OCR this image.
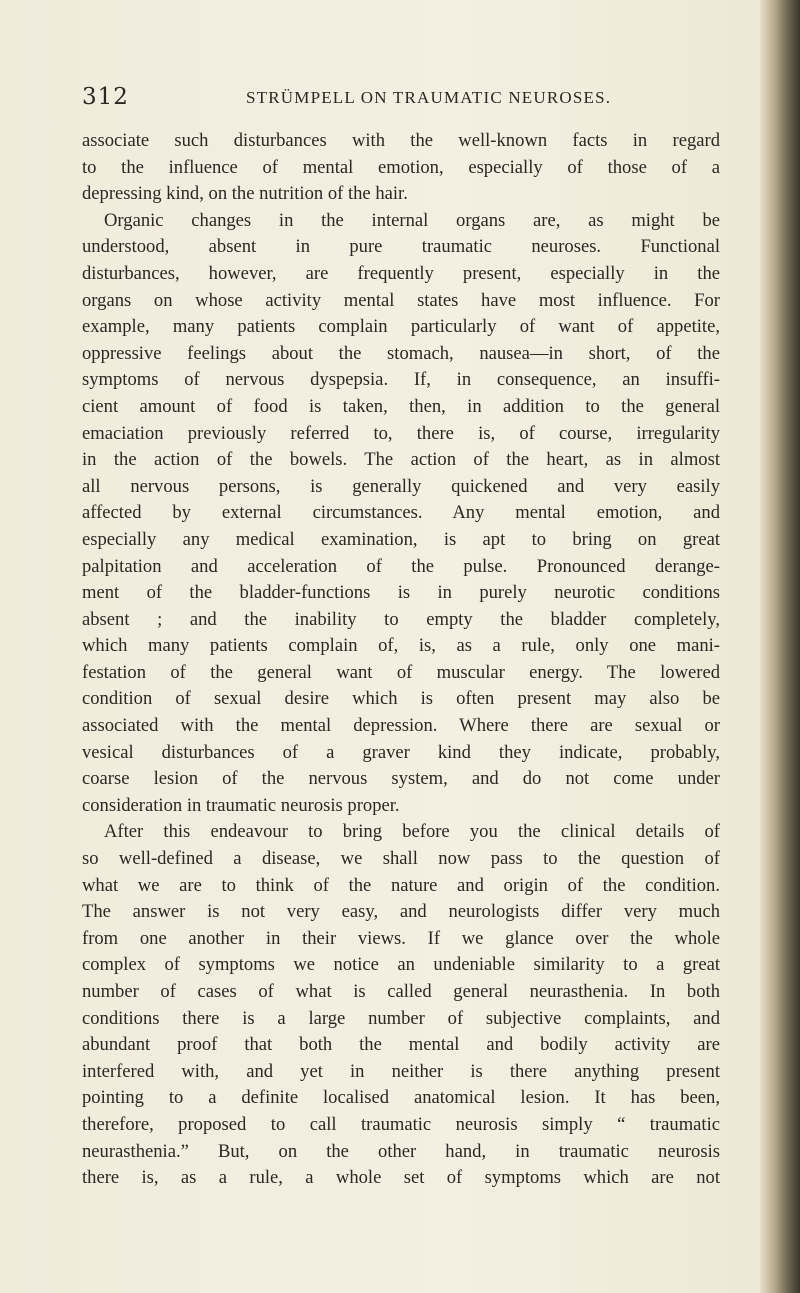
312	STRÜMPELL ON TRAUMATIC NEUROSES.
associate such disturbances with the well-known facts in regard
to the influence of mental emotion, especially of those of a
depressing kind, on the nutrition of the hair.
Organic changes in the internal organs are, as might be
understood, absent in pure traumatic neuroses. Functional
disturbances, however, are frequently present, especially in the
organs on whose activity mental states have most influence. For
example, many patients complain particularly of want of appetite,
oppressive feelings about the stomach, nausea—in short, of the
symptoms of nervous dyspepsia. If, in consequence, an insuffi-
cient amount of food is taken, then, in addition to the general
emaciation previously referred to, there is, of course, irregularity
in the action of the bowels. The action of the heart, as in almost
all nervous persons, is generally quickened and very easily
affected by external circumstances. Any mental emotion, and
especially any medical examination, is apt to bring on great
palpitation and acceleration of the pulse. Pronounced derange-
ment of the bladder-functions is in purely neurotic conditions
absent ; and the inability to empty the bladder completely,
which many patients complain of, is, as a rule, only one mani-
festation of the general want of muscular energy. The lowered
condition of sexual desire which is often present may also be
associated with the mental depression. Where there are sexual or
vesical disturbances of a graver kind they indicate, probably,
coarse lesion of the nervous system, and do not come under
consideration in traumatic neurosis proper.
After this endeavour to bring before you the clinical details of
so well-defined a disease, we shall now pass to the question of
what we are to think of the nature and origin of the condition.
The answer is not very easy, and neurologists differ very much
from one another in their views. If we glance over the whole
complex of symptoms we notice an undeniable similarity to a great
number of cases of what is called general neurasthenia. In both
conditions there is a large number of subjective complaints, and
abundant proof that both the mental and bodily activity are
interfered with, and yet in neither is there anything present
pointing to a definite localised anatomical lesion. It has been,
therefore, proposed to call traumatic neurosis simply “ traumatic
neurasthenia.” But, on the other hand, in traumatic neurosis
there is, as a rule, a whole set of symptoms which are not
